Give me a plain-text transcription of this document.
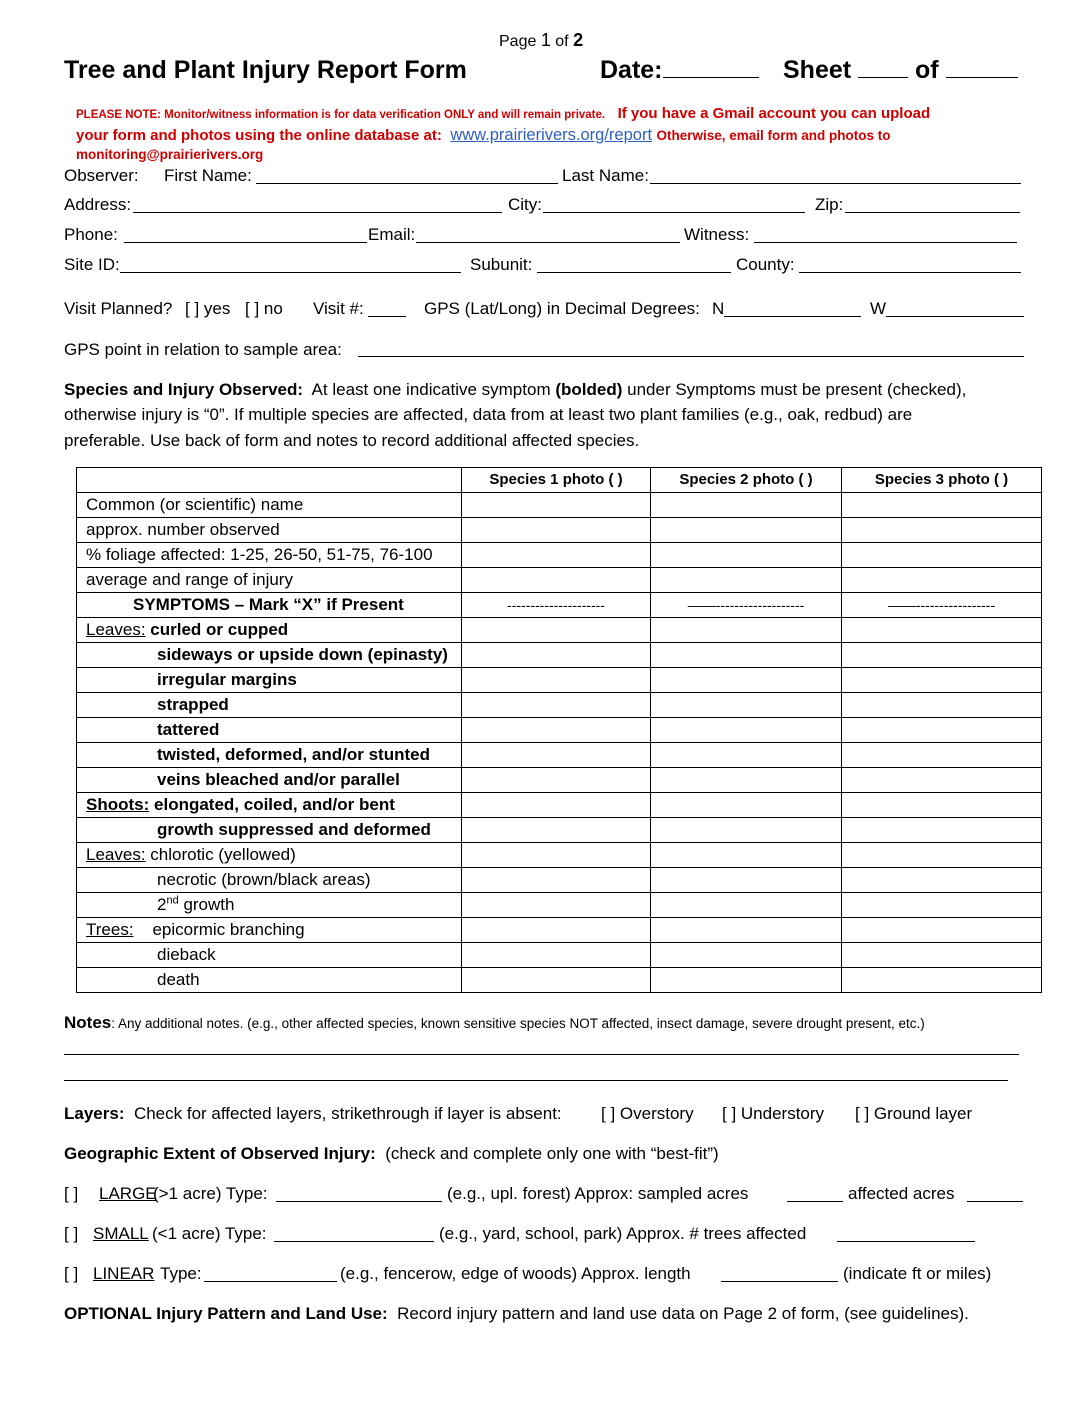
Page 1 of 2
Tree and Plant Injury Report Form	Date:	Sheet	of
PLEASE NOTE: Monitor/witness information is for data verification ONLY and will remain private. If you have a Gmail account you can upload
your form and photos using the online database at: www.prairierivers.org/report Otherwise, email form and photos to
monitoring@prairierivers.org
Observer: First Name:	Last Name:
Address:	City:	Zip:
Phone:	Email:	Witness:
Site ID:	Subunit:	County:
Visit Planned? [ ] yes [ ] no Visit #:	GPS (Lat/Long) in Decimal Degrees: N	W
GPS point in relation to sample area:
Species and Injury Observed: At least one indicative symptom (bolded) under Symptoms must be present (checked),
otherwise injury is “0”. If multiple species are affected, data from at least two plant families (e.g., oak, redbud) are
preferable. Use back of form and notes to record additional affected species.
	Species 1 photo ( )	Species 2 photo ( )	Species 3 photo ( )
Common (or scientific) name			
approx. number observed			
% foliage affected: 1-25, 26-50, 51-75, 76-100			
average and range of injury			
SYMPTOMS – Mark “X” if Present	---------------------	——-------------------	——-----------------
Leaves: curled or cupped			
sideways or upside down (epinasty)			
irregular margins			
strapped			
tattered			
twisted, deformed, and/or stunted			
veins bleached and/or parallel			
Shoots: elongated, coiled, and/or bent			
growth suppressed and deformed			
Leaves: chlorotic (yellowed)			
necrotic (brown/black areas)			
2nd growth			
Trees: epicormic branching			
dieback			
death			
Notes: Any additional notes. (e.g., other affected species, known sensitive species NOT affected, insect damage, severe drought present, etc.)
Layers: Check for affected layers, strikethrough if layer is absent: [ ] Overstory [ ] Understory [ ] Ground layer
Geographic Extent of Observed Injury: (check and complete only one with “best-fit”)
[ ] LARGE
(>1 acre) Type:	(e.g., upl. forest) Approx: sampled acres	affected acres
[ ] SMALL (<1 acre) Type:	(e.g., yard, school, park) Approx. # trees affected
[ ] LINEAR Type:	(e.g., fencerow, edge of woods) Approx. length	(indicate ft or miles)
OPTIONAL Injury Pattern and Land Use: Record injury pattern and land use data on Page 2 of form, (see guidelines).
